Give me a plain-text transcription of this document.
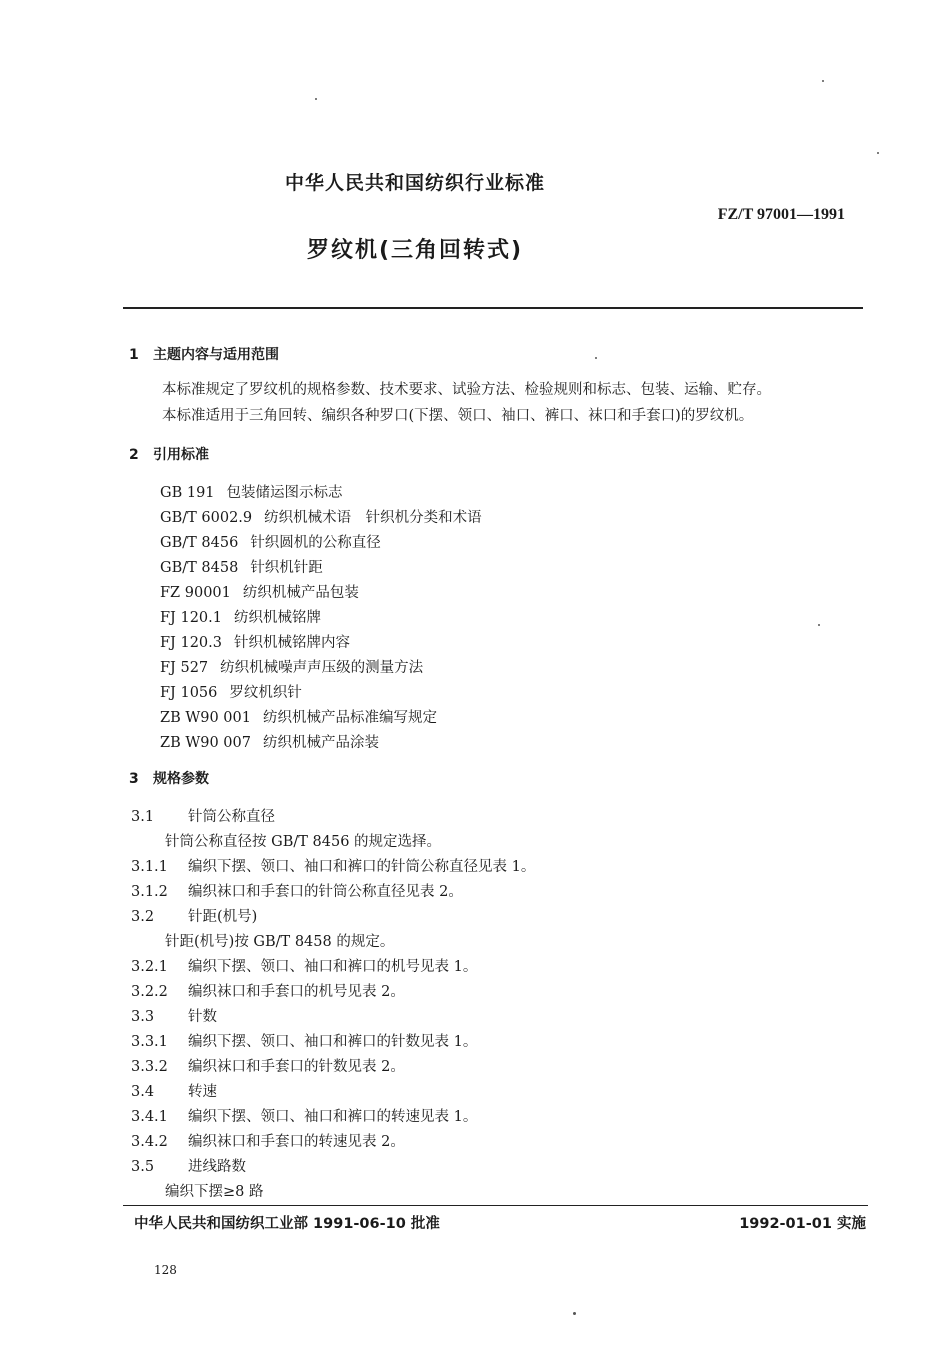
中华人民共和国纺织行业标准
FZ/T 97001—1991
罗纹机(三角回转式)
1 主题内容与适用范围
本标准规定了罗纹机的规格参数、技术要求、试验方法、检验规则和标志、包装、运输、贮存。
本标准适用于三角回转、编织各种罗口(下摆、领口、袖口、裤口、袜口和手套口)的罗纹机。
2 引用标准
GB 191 包装储运图示标志
GB/T 6002.9 纺织机械术语　针织机分类和术语
GB/T 8456 针织圆机的公称直径
GB/T 8458 针织机针距
FZ 90001 纺织机械产品包装
FJ 120.1 纺织机械铭牌
FJ 120.3 针织机械铭牌内容
FJ 527 纺织机械噪声声压级的测量方法
FJ 1056 罗纹机织针
ZB W90 001 纺织机械产品标准编写规定
ZB W90 007 纺织机械产品涂装
3 规格参数
3.1 针筒公称直径
针筒公称直径按 GB/T 8456 的规定选择。
3.1.1 编织下摆、领口、袖口和裤口的针筒公称直径见表 1。
3.1.2 编织袜口和手套口的针筒公称直径见表 2。
3.2 针距(机号)
针距(机号)按 GB/T 8458 的规定。
3.2.1 编织下摆、领口、袖口和裤口的机号见表 1。
3.2.2 编织袜口和手套口的机号见表 2。
3.3 针数
3.3.1 编织下摆、领口、袖口和裤口的针数见表 1。
3.3.2 编织袜口和手套口的针数见表 2。
3.4 转速
3.4.1 编织下摆、领口、袖口和裤口的转速见表 1。
3.4.2 编织袜口和手套口的转速见表 2。
3.5 进线路数
编织下摆≥8 路
中华人民共和国纺织工业部 1991-06-10 批准	1992-01-01 实施
128
